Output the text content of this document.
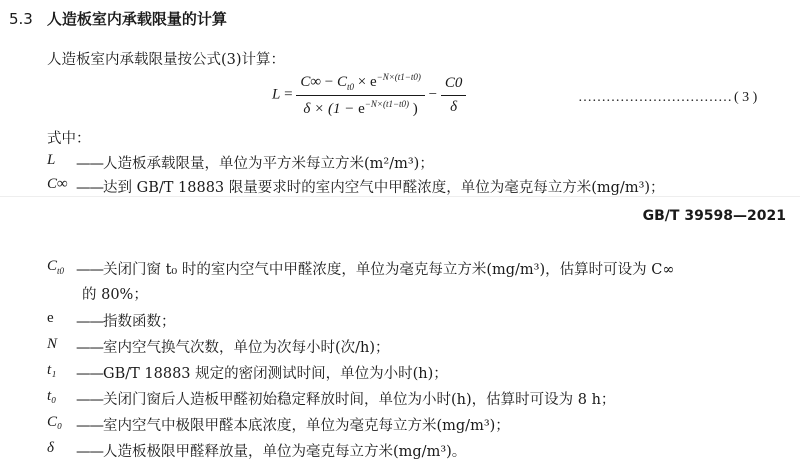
5.3 人造板室内承载限量的计算
人造板室内承载限量按公式(3)计算：
$L = \frac{C\infty - C_{t0} \times e^{-N\times(t1-t0)}}{\delta \times (1 - e^{-N\times(t1-t0)} )} - \frac{C0}{\delta}$	…………………………… ( 3 )
式中：
L ——人造板承载限量，单位为平方米每立方米(m²/m³)；
C∞ ——达到 GB/T 18883 限量要求时的室内空气中甲醛浓度，单位为毫克每立方米(mg/m³)；
GB/T 39598—2021
$C_{t0}$ ——关闭门窗 t₀ 时的室内空气中甲醛浓度，单位为毫克每立方米(mg/m³)，估算时可设为 C∞
的 80%；
e ——指数函数；
N ——室内空气换气次数，单位为次每小时(次/h)；
t₁ ——GB/T 18883 规定的密闭测试时间，单位为小时(h)；
t₀ ——关闭门窗后人造板甲醛初始稳定释放时间，单位为小时(h)，估算时可设为 8 h；
C₀ ——室内空气中极限甲醛本底浓度，单位为毫克每立方米(mg/m³)；
δ ——人造板极限甲醛释放量，单位为毫克每立方米(mg/m³)。
